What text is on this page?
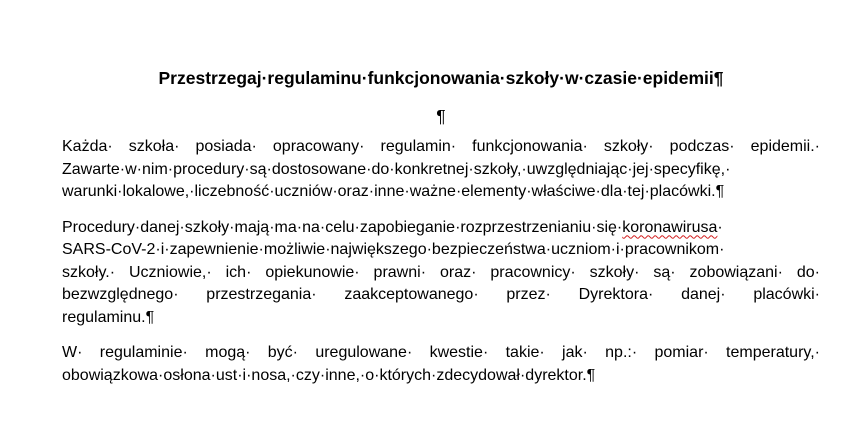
Przestrzegaj·regulaminu·funkcjonowania·szkoły·w·czasie·epidemii¶

¶

Każda· szkoła· posiada· opracowany· regulamin· funkcjonowania· szkoły· podczas· epidemii.·
Zawarte·w·nim·procedury·są·dostosowane·do·konkretnej·szkoły,·uwzględniając·jej·specyfikę,·
warunki·lokalowe,·liczebność·uczniów·oraz·inne·ważne·elementy·właściwe·dla·tej·placówki.¶

Procedury·danej·szkoły·mają·ma·na·celu·zapobieganie·rozprzestrzenianiu·się·koronawirusa·
SARS-CoV-2·i·zapewnienie·możliwie·największego·bezpieczeństwa·uczniom·i·pracownikom·
szkoły.· Uczniowie,· ich· opiekunowie· prawni· oraz· pracownicy· szkoły· są· zobowiązani· do·
bezwzględnego· przestrzegania· zaakceptowanego· przez· Dyrektora· danej· placówki·
regulaminu.¶

W· regulaminie· mogą· być· uregulowane· kwestie· takie· jak· np.:· pomiar· temperatury,·
obowiązkowa·osłona·ust·i·nosa,·czy·inne,·o·których·zdecydował·dyrektor.¶
